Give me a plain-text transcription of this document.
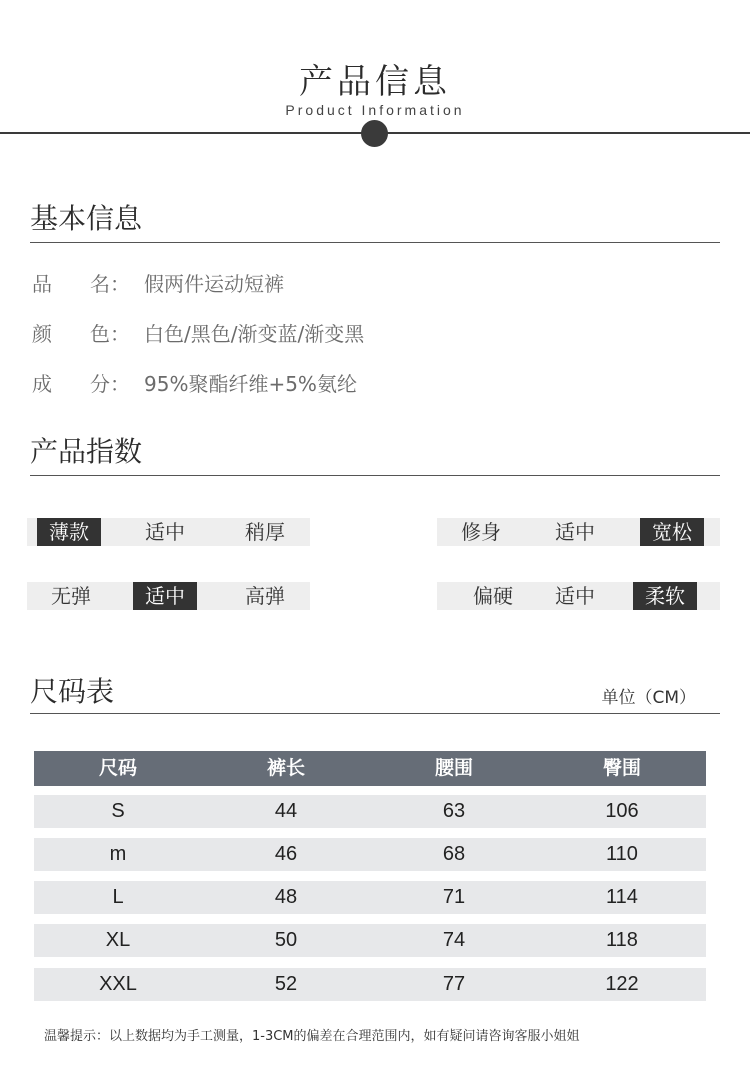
产品信息
Product Information
基本信息
品 名： 假两件运动短裤
颜 色： 白色/黑色/渐变蓝/渐变黑
成 分： 95%聚酯纤维+5%氨纶
产品指数
薄款	适中	稍厚	修身	适中	宽松
无弹	适中	高弹	偏硬	适中	柔软
尺码表	单位（CM）
尺码	裤长	腰围	臀围
S	44	63	106
m	46	68	110
L	48	71	114
XL	50	74	118
XXL	52	77	122
温馨提示：以上数据均为手工测量，1-3CM的偏差在合理范围内，如有疑问请咨询客服小姐姐
